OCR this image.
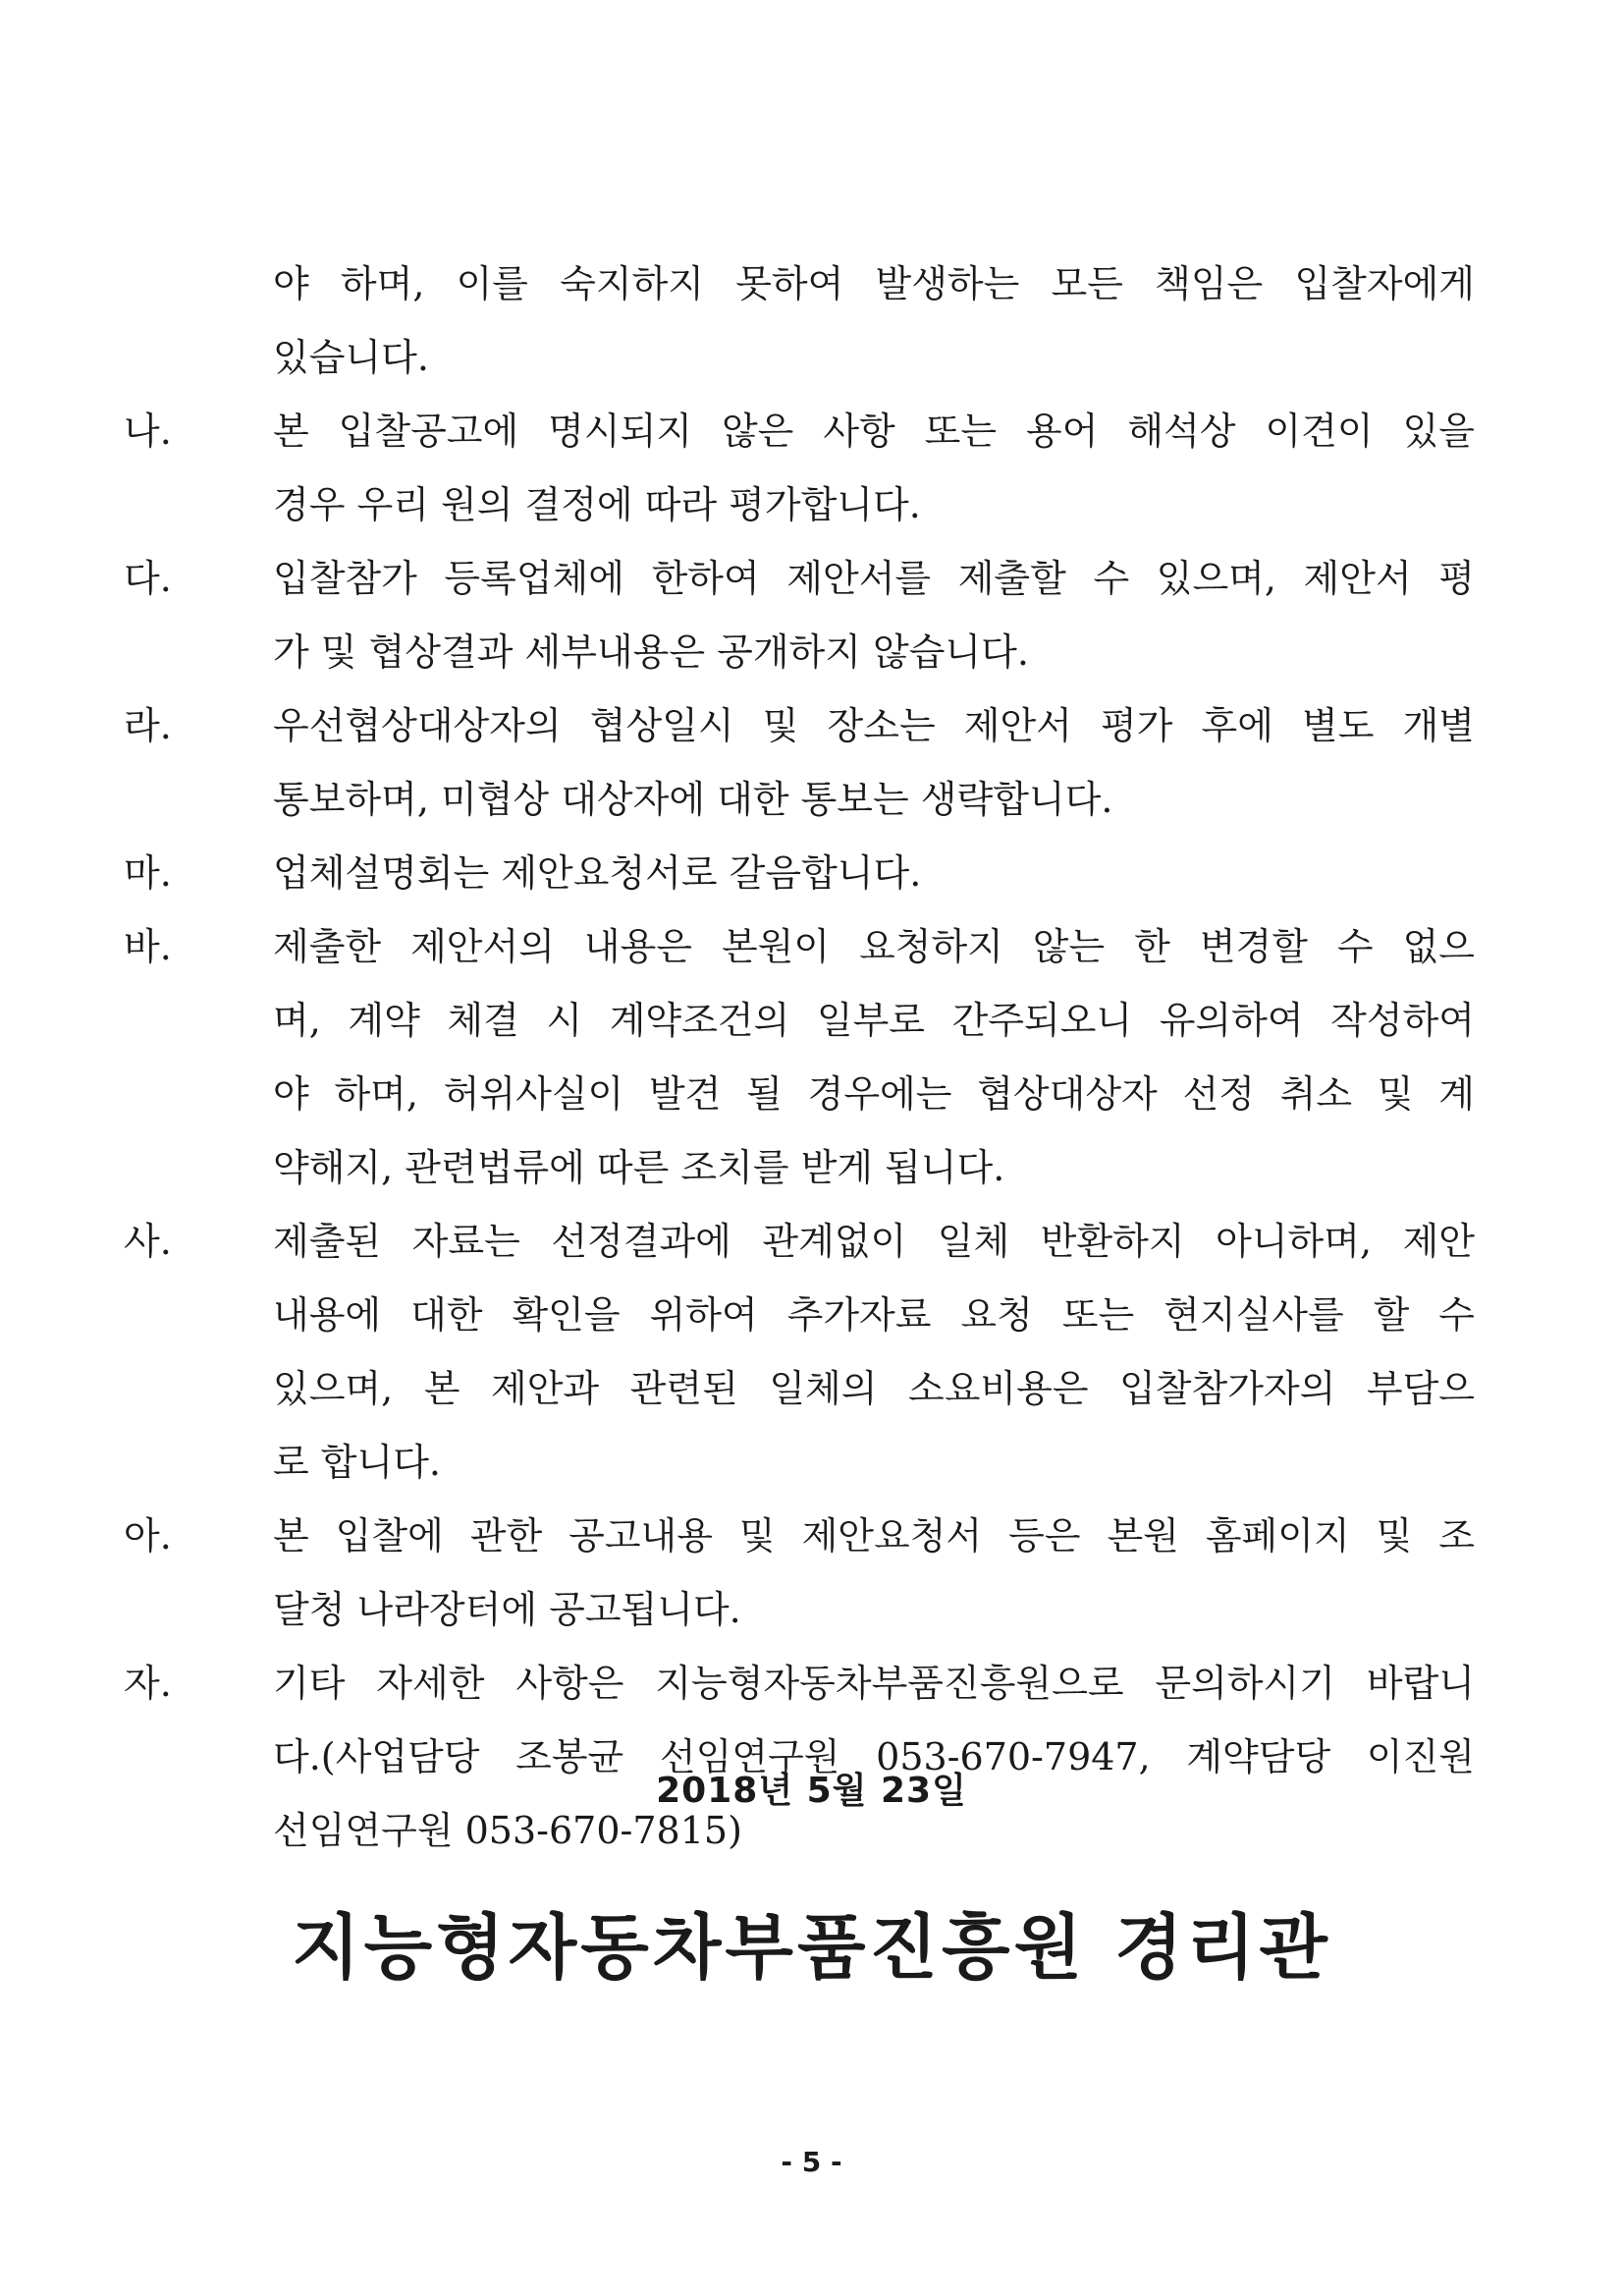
야 하며, 이를 숙지하지 못하여 발생하는 모든 책임은 입찰자에게
있습니다.
나.	본 입찰공고에 명시되지 않은 사항 또는 용어 해석상 이견이 있을
경우 우리 원의 결정에 따라 평가합니다.
다.	입찰참가 등록업체에 한하여 제안서를 제출할 수 있으며, 제안서 평
가 및 협상결과 세부내용은 공개하지 않습니다.
라.	우선협상대상자의 협상일시 및 장소는 제안서 평가 후에 별도 개별
통보하며, 미협상 대상자에 대한 통보는 생략합니다.
마.	업체설명회는 제안요청서로 갈음합니다.
바.	제출한 제안서의 내용은 본원이 요청하지 않는 한 변경할 수 없으
며, 계약 체결 시 계약조건의 일부로 간주되오니 유의하여 작성하여
야 하며, 허위사실이 발견 될 경우에는 협상대상자 선정 취소 및 계
약해지, 관련법류에 따른 조치를 받게 됩니다.
사.	제출된 자료는 선정결과에 관계없이 일체 반환하지 아니하며, 제안
내용에 대한 확인을 위하여 추가자료 요청 또는 현지실사를 할 수
있으며, 본 제안과 관련된 일체의 소요비용은 입찰참가자의 부담으
로 합니다.
아.	본 입찰에 관한 공고내용 및 제안요청서 등은 본원 홈페이지 및 조
달청 나라장터에 공고됩니다.
자.	기타 자세한 사항은 지능형자동차부품진흥원으로 문의하시기 바랍니
다.(사업담당 조봉균 선임연구원 053-670-7947, 계약담당 이진원
선임연구원 053-670-7815)
2018년 5월 23일
지능형자동차부품진흥원 경리관
- 5 -
